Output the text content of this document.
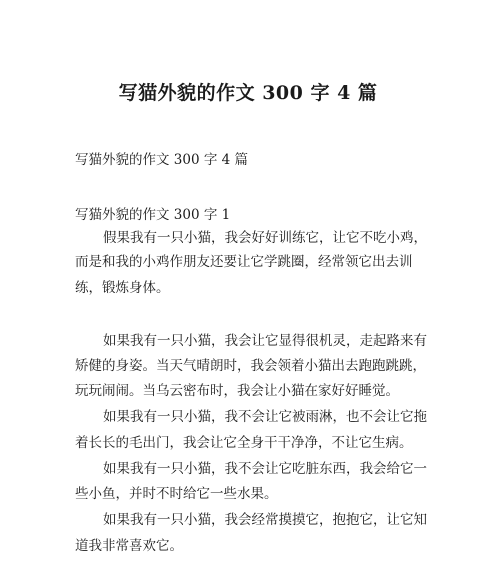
写猫外貌的作文 300 字 4 篇
写猫外貌的作文 300 字 4 篇
写猫外貌的作文 300 字 1
假果我有一只小猫，我会好好训练它，让它不吃小鸡，
而是和我的小鸡作朋友还要让它学跳圈，经常领它出去训
练，锻炼身体。
如果我有一只小猫，我会让它显得很机灵，走起路来有
矫健的身姿。当天气晴朗时，我会领着小猫出去跑跑跳跳，
玩玩闹闹。当乌云密布时，我会让小猫在家好好睡觉。
如果我有一只小猫，我不会让它被雨淋，也不会让它拖
着长长的毛出门，我会让它全身干干净净，不让它生病。
如果我有一只小猫，我不会让它吃脏东西，我会给它一
些小鱼，并时不时给它一些水果。
如果我有一只小猫，我会经常摸摸它，抱抱它，让它知
道我非常喜欢它。
